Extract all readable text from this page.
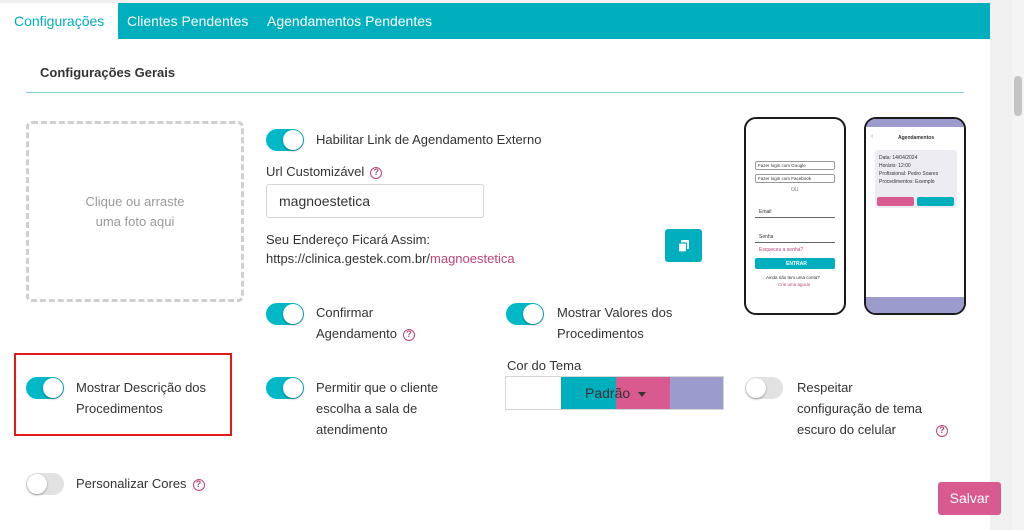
Configurações	Clientes Pendentes	Agendamentos Pendentes
Configurações Gerais
Clique ou arraste
uma foto aqui
Habilitar Link de Agendamento Externo
Url Customizável ?
magnoestetica
Seu Endereço Ficará Assim:
https://clinica.gestek.com.br/magnoestetica
Fazer login com Google
Fazer login com Facebook
OU
Email
Senha
Esqueceu a senha?
ENTRAR
Ainda não tem uma conta?
Crie uma agora!
‹	Agendamentos
Data: 14/04/2024
Horário: 12:00
Profissional: Pedro Soares
Procedimentos: Exemplo
Confirmar
Agendamento ?
Mostrar Valores dos
Procedimentos
Mostrar Descrição dos
Procedimentos
Permitir que o cliente
escolha a sala de
atendimento
Cor do Tema
Padrão	Respeitar
configuração de tema
escuro do celular	?
Personalizar Cores ?
Salvar
